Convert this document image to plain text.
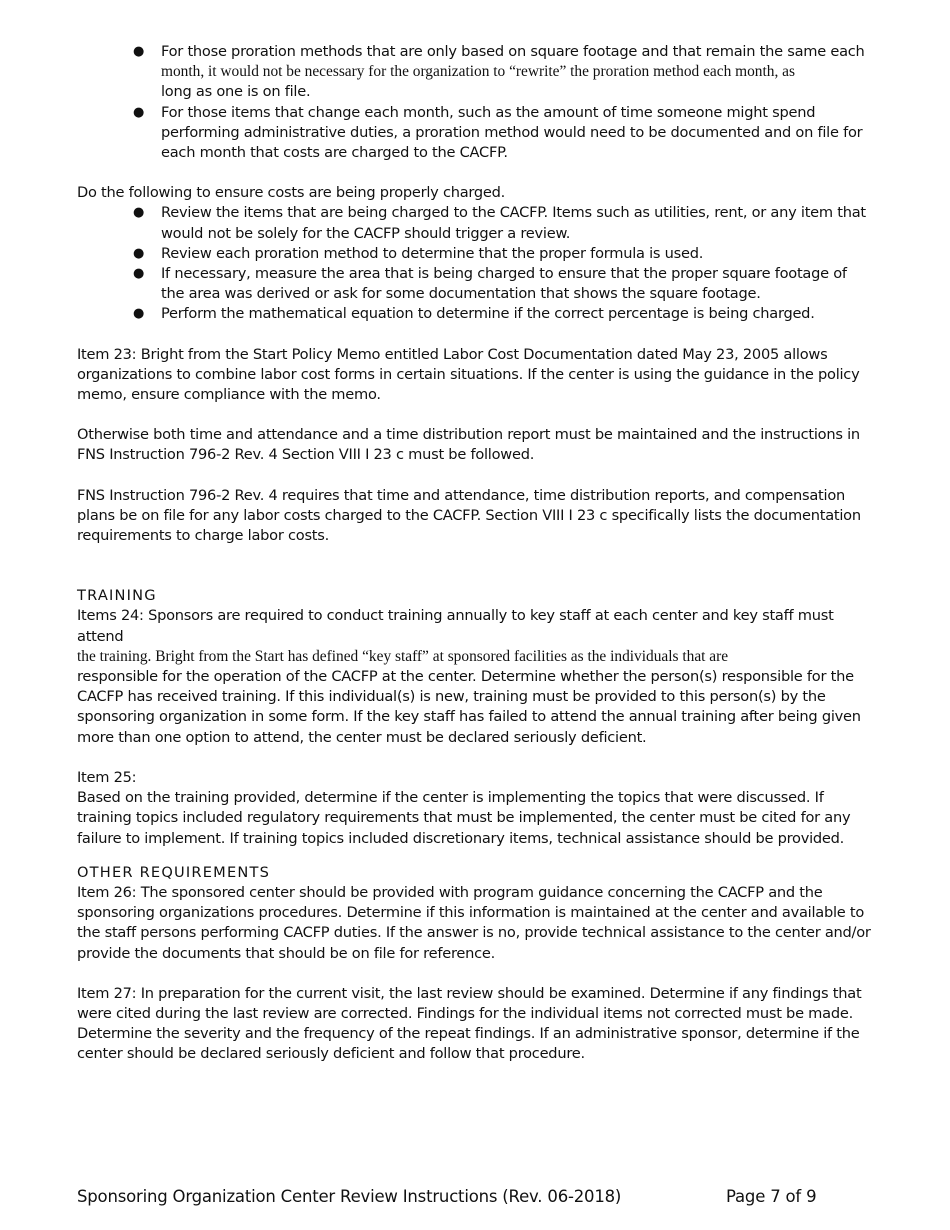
● For those proration methods that are only based on square footage and that remain the same each
month, it would not be necessary for the organization to “rewrite” the proration method each month, as
long as one is on file.
● For those items that change each month, such as the amount of time someone might spend performing administrative duties, a proration method would need to be documented and on file for each month that costs are charged to the CACFP.

Do the following to ensure costs are being properly charged.

● Review the items that are being charged to the CACFP. Items such as utilities, rent, or any item that would not be solely for the CACFP should trigger a review.
● Review each proration method to determine that the proper formula is used.
● If necessary, measure the area that is being charged to ensure that the proper square footage of the area was derived or ask for some documentation that shows the square footage.
● Perform the mathematical equation to determine if the correct percentage is being charged.

Item 23: Bright from the Start Policy Memo entitled Labor Cost Documentation dated May 23, 2005 allows organizations to combine labor cost forms in certain situations. If the center is using the guidance in the policy memo, ensure compliance with the memo.

Otherwise both time and attendance and a time distribution report must be maintained and the instructions in FNS Instruction 796-2 Rev. 4 Section VIII I 23 c must be followed.

FNS Instruction 796-2 Rev. 4 requires that time and attendance, time distribution reports, and compensation plans be on file for any labor costs charged to the CACFP. Section VIII I 23 c specifically lists the documentation requirements to charge labor costs.

TRAINING

Items 24: Sponsors are required to conduct training annually to key staff at each center and key staff must attend
the training. Bright from the Start has defined “key staff” at sponsored facilities as the individuals that are
responsible for the operation of the CACFP at the center. Determine whether the person(s) responsible for the CACFP has received training. If this individual(s) is new, training must be provided to this person(s) by the sponsoring organization in some form. If the key staff has failed to attend the annual training after being given more than one option to attend, the center must be declared seriously deficient.

Item 25:

Based on the training provided, determine if the center is implementing the topics that were discussed. If training topics included regulatory requirements that must be implemented, the center must be cited for any failure to implement. If training topics included discretionary items, technical assistance should be provided.

OTHER REQUIREMENTS

Item 26: The sponsored center should be provided with program guidance concerning the CACFP and the sponsoring organizations procedures. Determine if this information is maintained at the center and available to the staff persons performing CACFP duties. If the answer is no, provide technical assistance to the center and/or provide the documents that should be on file for reference.

Item 27: In preparation for the current visit, the last review should be examined. Determine if any findings that were cited during the last review are corrected. Findings for the individual items not corrected must be made. Determine the severity and the frequency of the repeat findings. If an administrative sponsor, determine if the center should be declared seriously deficient and follow that procedure.

Sponsoring Organization Center Review Instructions (Rev. 06-2018)	Page 7 of 9
